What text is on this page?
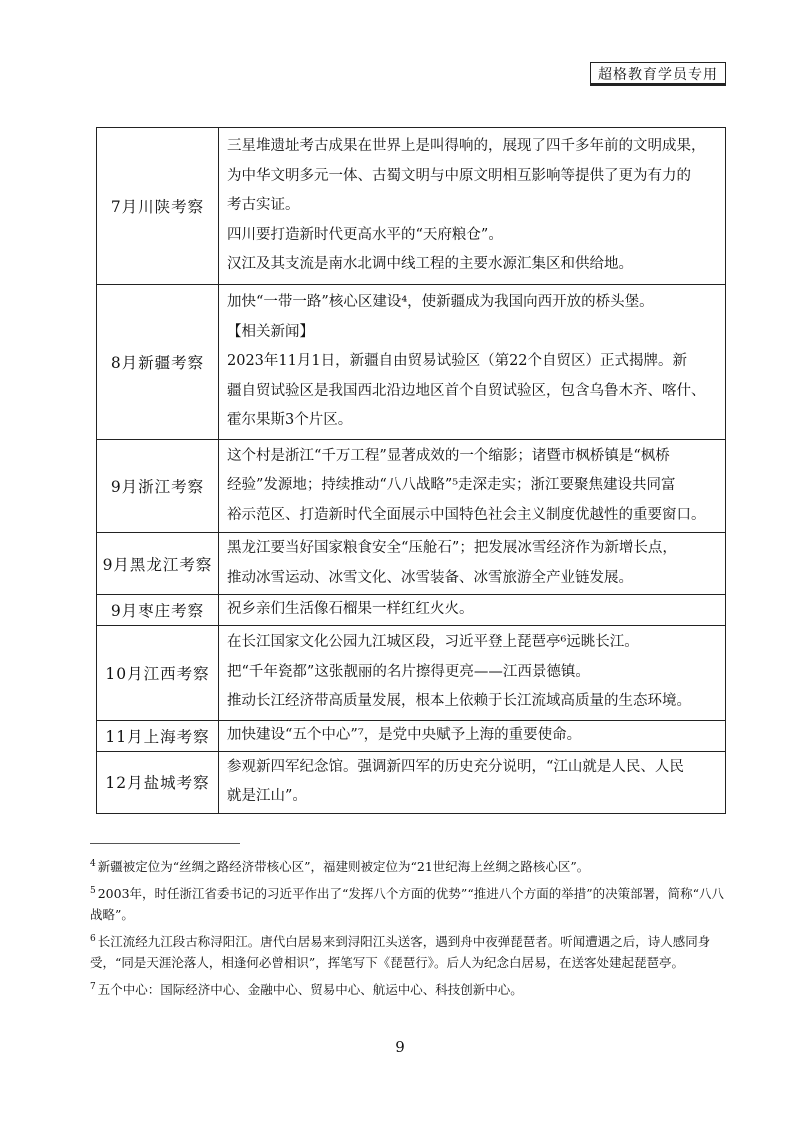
超格教育学员专用
7月川陕考察	三星堆遗址考古成果在世界上是叫得响的，展现了四千多年前的文明成果，
为中华文明多元一体、古蜀文明与中原文明相互影响等提供了更为有力的
考古实证。
四川要打造新时代更高水平的“天府粮仓”。
汉江及其支流是南水北调中线工程的主要水源汇集区和供给地。

8月新疆考察	加快“一带一路”核心区建设⁴，使新疆成为我国向西开放的桥头堡。
【相关新闻】
2023年11月1日，新疆自由贸易试验区（第22个自贸区）正式揭牌。新
疆自贸试验区是我国西北沿边地区首个自贸试验区，包含乌鲁木齐、喀什、
霍尔果斯3个片区。

9月浙江考察	这个村是浙江“千万工程”显著成效的一个缩影；诸暨市枫桥镇是“枫桥
经验”发源地；持续推动“八八战略”⁵走深走实；浙江要聚焦建设共同富
裕示范区、打造新时代全面展示中国特色社会主义制度优越性的重要窗口。

9月黑龙江考察	黑龙江要当好国家粮食安全“压舱石”；把发展冰雪经济作为新增长点，
推动冰雪运动、冰雪文化、冰雪装备、冰雪旅游全产业链发展。

9月枣庄考察	祝乡亲们生活像石榴果一样红红火火。

10月江西考察	在长江国家文化公园九江城区段，习近平登上琵琶亭⁶远眺长江。
把“千年瓷都”这张靓丽的名片擦得更亮——江西景德镇。
推动长江经济带高质量发展，根本上依赖于长江流域高质量的生态环境。

11月上海考察	加快建设“五个中心”⁷，是党中央赋予上海的重要使命。

12月盐城考察	参观新四军纪念馆。强调新四军的历史充分说明，“江山就是人民、人民
就是江山”。
$^4$ 新疆被定位为“丝绸之路经济带核心区”，福建则被定位为“21世纪海上丝绸之路核心区”。
$^5$ 2003年，时任浙江省委书记的习近平作出了“发挥八个方面的优势”“推进八个方面的举措”的决策部署，简称“八八战略”。
$^6$ 长江流经九江段古称浔阳江。唐代白居易来到浔阳江头送客，遇到舟中夜弹琵琶者。听闻遭遇之后，诗人感同身受，“同是天涯沦落人，相逢何必曾相识”，挥笔写下《琵琶行》。后人为纪念白居易，在送客处建起琵琶亭。
$^7$ 五个中心：国际经济中心、金融中心、贸易中心、航运中心、科技创新中心。
9
